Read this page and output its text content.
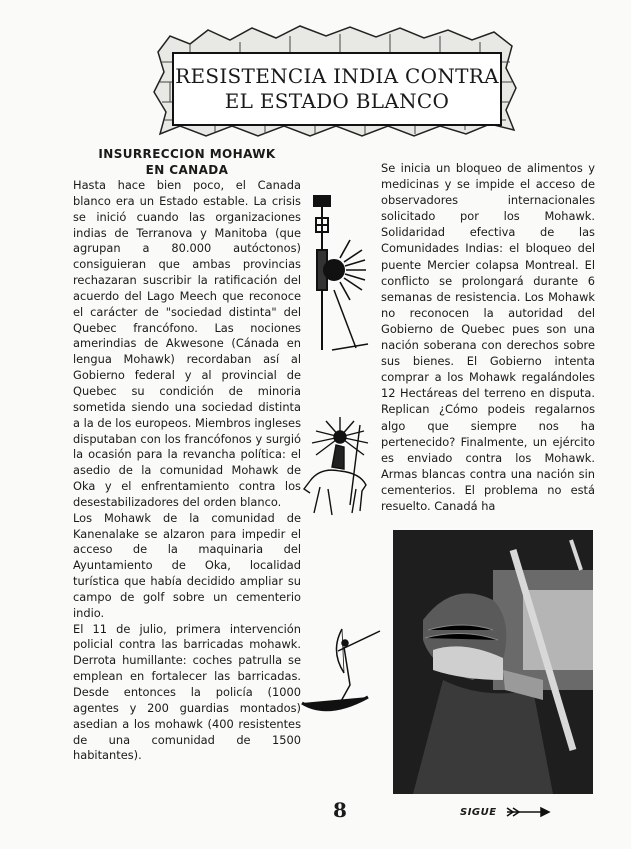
RESISTENCIA INDIA CONTRA
EL ESTADO BLANCO
INSURRECCION MOHAWK
EN CANADA

Hasta hace bien poco, el Canada blanco era un Estado estable. La crisis se inició cuando las organizaciones indias de Terranova y Manitoba (que agrupan a 80.000 autóctonos) consiguieran que ambas provincias rechazaran suscribir la ratificación del acuerdo del Lago Meech que reconoce el carácter de "sociedad distinta" del Quebec francófono. Las nociones amerindias de Akwesone (Cánada en lengua Mohawk) recordaban así al Gobierno federal y al provincial de Quebec su condición de minoria sometida siendo una sociedad distinta a la de los europeos. Miembros ingleses disputaban con los francófonos y surgió la ocasión para la revancha política: el asedio de la comunidad Mohawk de Oka y el enfrentamiento contra los desestabilizadores del orden blanco.

Los Mohawk de la comunidad de Kanenalake se alzaron para impedir el acceso de la maquinaria del Ayuntamiento de Oka, localidad turística que había decidido ampliar su campo de golf sobre un cementerio indio.

El 11 de julio, primera intervención policial contra las barricadas mohawk. Derrota humillante: coches patrulla se emplean en fortalecer las barricadas. Desde entonces la policía (1000 agentes y 200 guardias montados) asedian a los mohawk (400 resistentes de una comunidad de 1500 habitantes).

Se inicia un bloqueo de alimentos y medicinas y se impide el acceso de observadores internacionales solicitado por los Mohawk. Solidaridad efectiva de las Comunidades Indias: el bloqueo del puente Mercier colapsa Montreal. El conflicto se prolongará durante 6 semanas de resistencia. Los Mohawk no reconocen la autoridad del Gobierno de Quebec pues son una nación soberana con derechos sobre sus bienes. El Gobierno intenta comprar a los Mohawk regalándoles 12 Hectáreas del terreno en disputa. Replican ¿Cómo podeis regalarnos algo que siempre nos ha pertenecido? Finalmente, un ejército es enviado contra los Mohawk. Armas blancas contra una nación sin cementerios. El problema no está resuelto. Canadá ha

8	SIGUE
